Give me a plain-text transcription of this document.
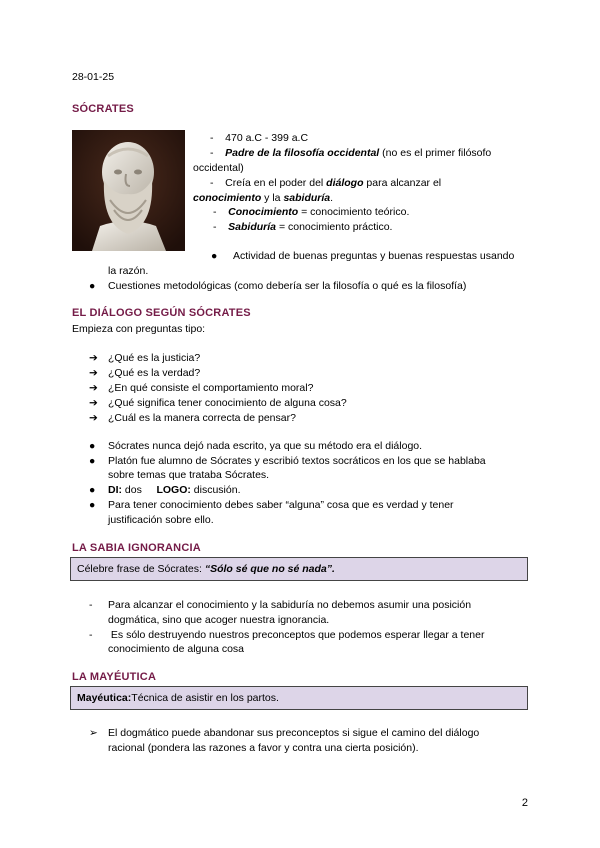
28-01-25
SÓCRATES
- 470 a.C - 399 a.C
- Padre de la filosofía occidental (no es el primer filósofo
occidental)
- Creía en el poder del diálogo para alcanzar el
conocimiento y la sabiduría.
- Conocimiento = conocimiento teórico.
- Sabiduría = conocimiento práctico.
● Actividad de buenas preguntas y buenas respuestas usando
la razón.
● Cuestiones metodológicas (como debería ser la filosofía o qué es la filosofía)
EL DIÁLOGO SEGÚN SÓCRATES
Empieza con preguntas tipo:
➔ ¿Qué es la justicia?
➔ ¿Qué es la verdad?
➔ ¿En qué consiste el comportamiento moral?
➔ ¿Qué significa tener conocimiento de alguna cosa?
➔ ¿Cuál es la manera correcta de pensar?
● Sócrates nunca dejó nada escrito, ya que su método era el diálogo.
● Platón fue alumno de Sócrates y escribió textos socráticos en los que se hablaba
sobre temas que trataba Sócrates.
● DI: dos LOGO: discusión.
● Para tener conocimiento debes saber “alguna” cosa que es verdad y tener
justificación sobre ello.
LA SABIA IGNORANCIA
Célebre frase de Sócrates:
“Sólo sé que no sé nada”.
- Para alcanzar el conocimiento y la sabiduría no debemos asumir una posición
dogmática, sino que acoger nuestra ignorancia.
- Es sólo destruyendo nuestros preconceptos que podemos esperar llegar a tener
conocimiento de alguna cosa
LA MAYÉUTICA
Mayéutica: Técnica de asistir en los partos.
➢ El dogmático puede abandonar sus preconceptos si sigue el camino del diálogo
racional (pondera las razones a favor y contra una cierta posición).
2
